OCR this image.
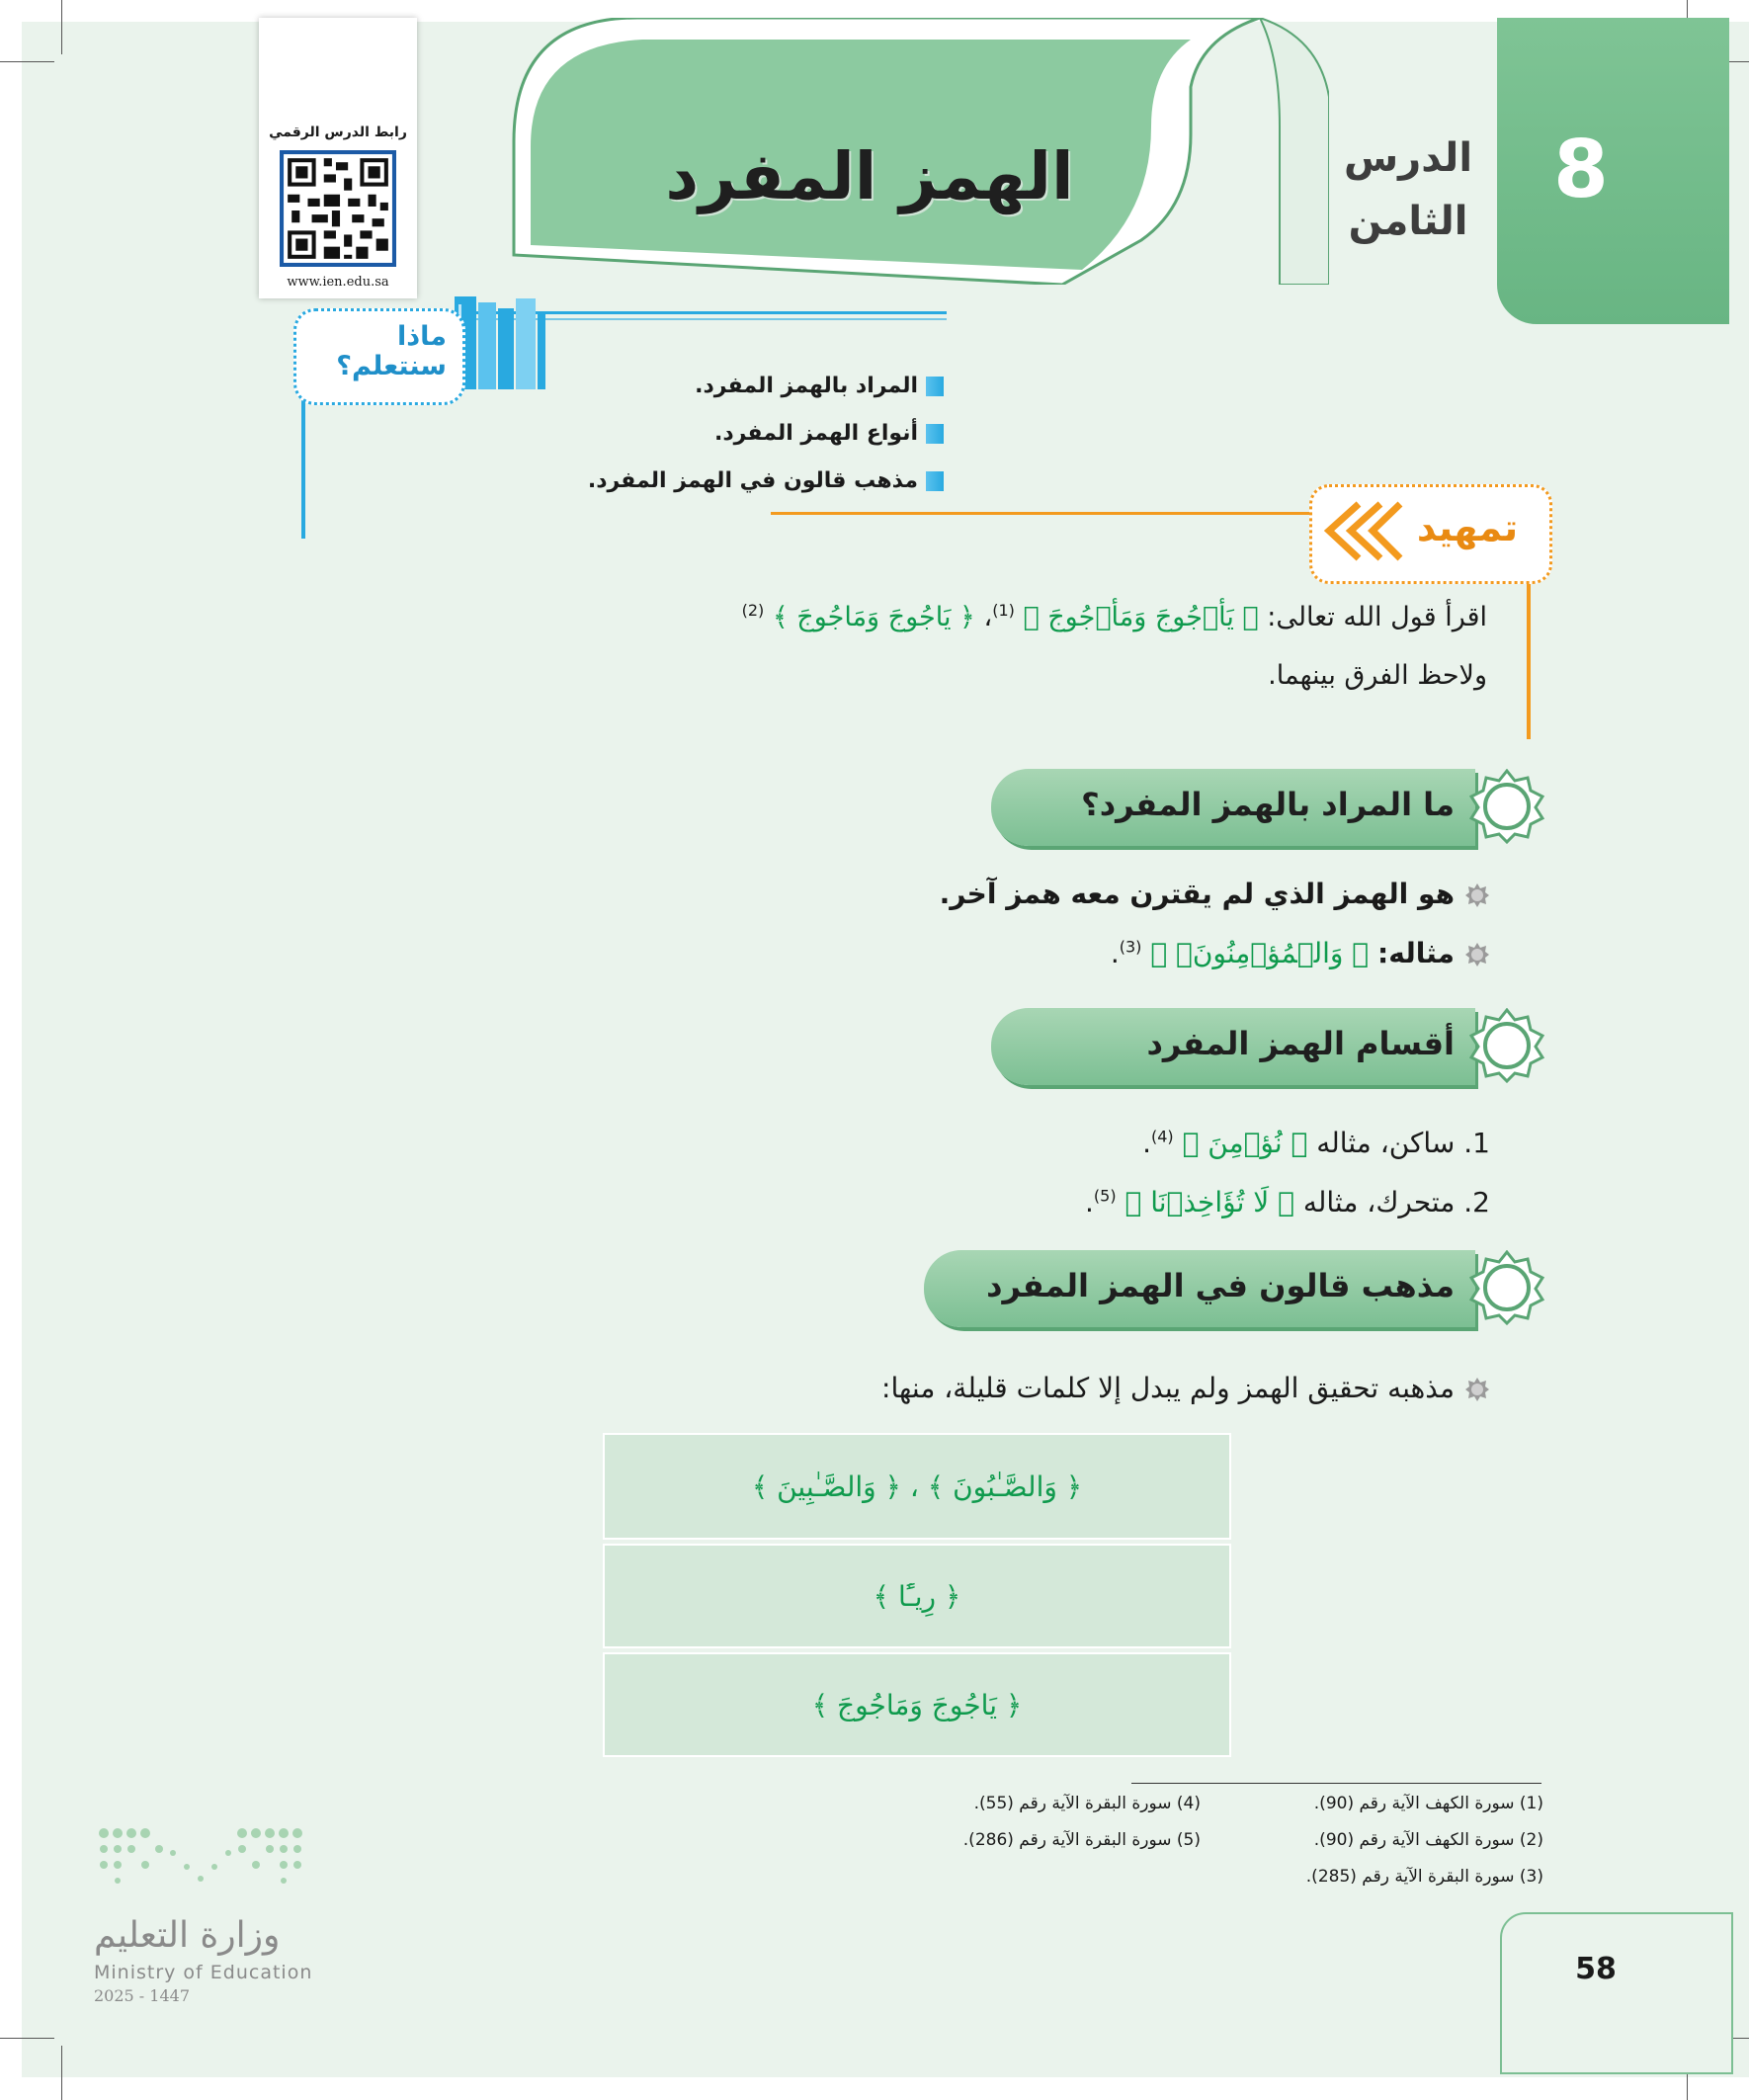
8
الدرس
الثامن
الهمز المفرد
رابط الدرس الرقمي
www.ien.edu.sa
ماذا
سنتعلم؟
المراد بالهمز المفرد.
أنواع الهمز المفرد.
مذهب قالون في الهمز المفرد.
تمهيد
اقرأ قول الله تعالى: ﴿ يَأۡجُوجَ وَمَأۡجُوجَ ﴾ $^{(1)}$، ﴿ يَاجُوجَ وَمَاجُوجَ ﴾ $^{(2)}$
ولاحظ الفرق بينهما.
ما المراد بالهمز المفرد؟
هو الهمز الذي لم يقترن معه همز آخر.
مثاله: ﴿ وَالۡمُؤۡمِنُونَۚ ﴾ $^{(3)}$.
أقسام الهمز المفرد
1. ساكن، مثاله ﴿ نُؤۡمِنَ ﴾ $^{(4)}$.
2. متحرك، مثاله ﴿ لَا تُؤَاخِذۡنَا ﴾ $^{(5)}$.
مذهب قالون في الهمز المفرد
مذهبه تحقيق الهمز ولم يبدل إلا كلمات قليلة، منها:
﴿ وَالصَّـٰبُونَ ﴾ ، ﴿ وَالصَّـٰبِينَ ﴾
﴿ رِيـًٔا ﴾
﴿ يَاجُوجَ وَمَاجُوجَ ﴾
(1) سورة الكهف الآية رقم (90).
(2) سورة الكهف الآية رقم (90).
(3) سورة البقرة الآية رقم (285).
(4) سورة البقرة الآية رقم (55).
(5) سورة البقرة الآية رقم (286).
وزارة التعليم
Ministry of Education
2025 - 1447
58
